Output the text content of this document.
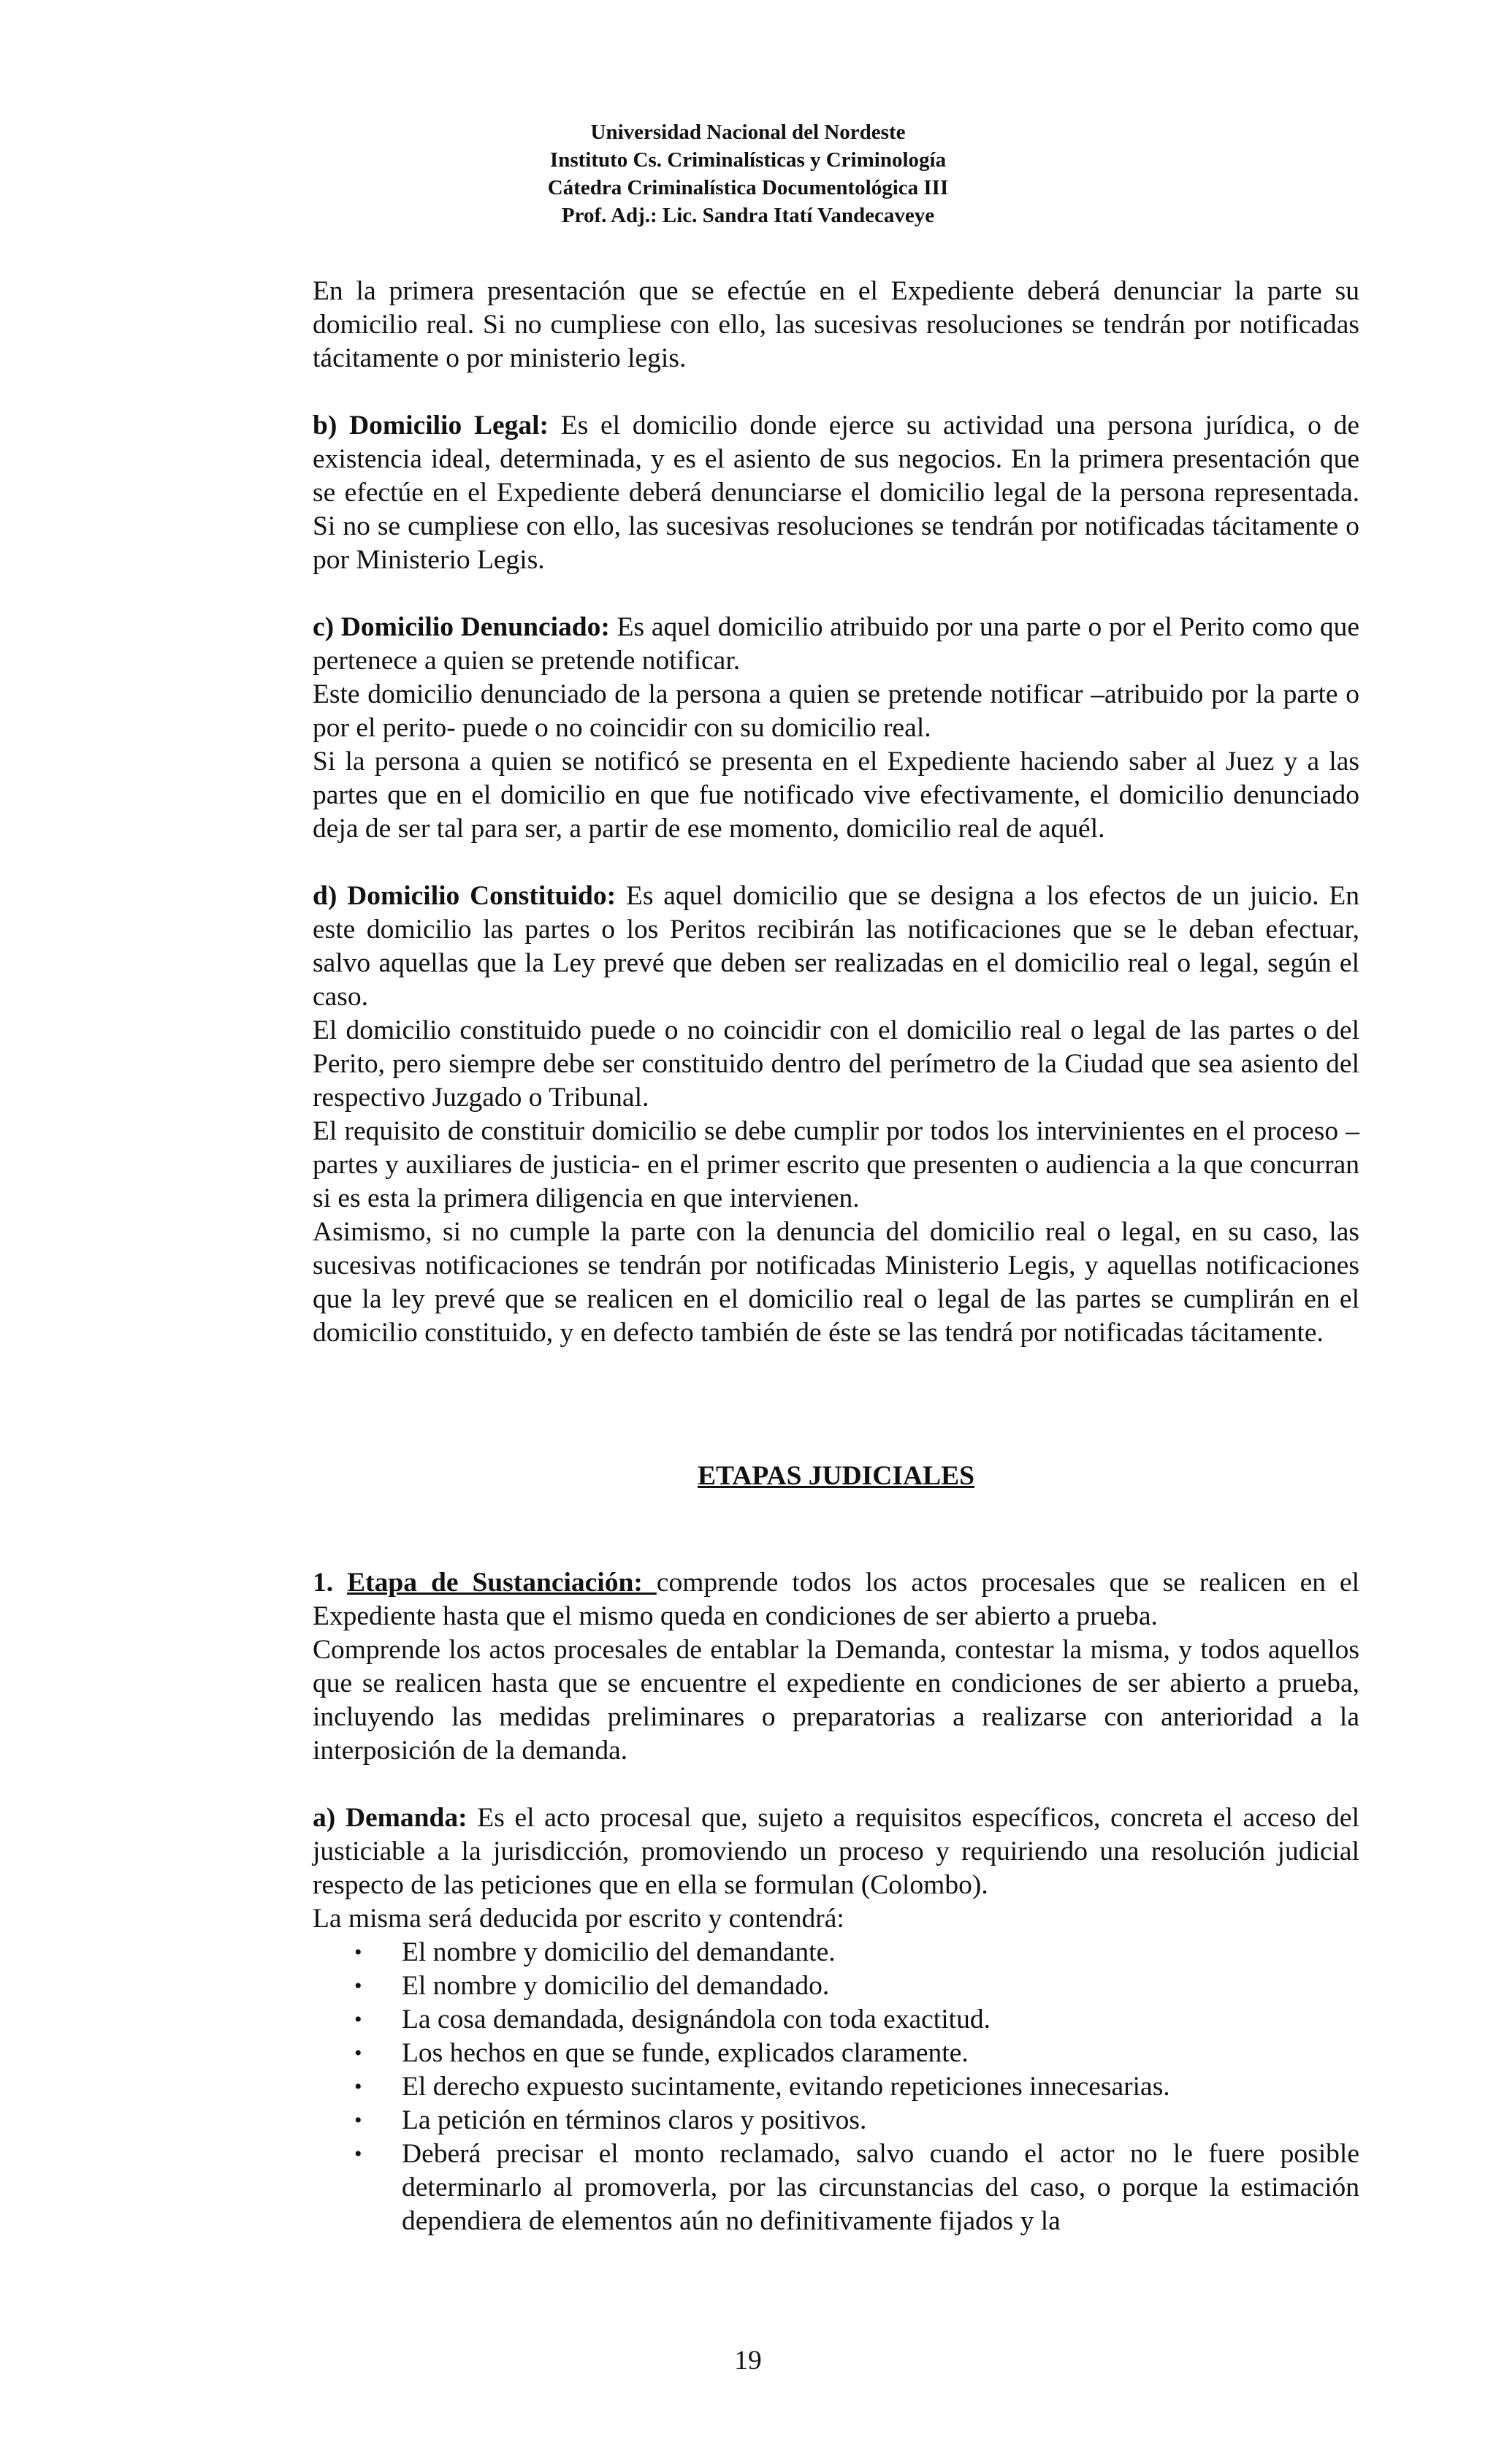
Universidad Nacional del Nordeste
Instituto Cs. Criminalísticas y Criminología
Cátedra Criminalística Documentológica III
Prof. Adj.: Lic. Sandra Itatí Vandecaveye

En la primera presentación que se efectúe en el Expediente deberá denunciar la parte su domicilio real. Si no cumpliese con ello, las sucesivas resoluciones se tendrán por notificadas tácitamente o por ministerio legis.

b) Domicilio Legal: Es el domicilio donde ejerce su actividad una persona jurídica, o de existencia ideal, determinada, y es el asiento de sus negocios. En la primera presentación que se efectúe en el Expediente deberá denunciarse el domicilio legal de la persona representada. Si no se cumpliese con ello, las sucesivas resoluciones se tendrán por notificadas tácitamente o por Ministerio Legis.

c) Domicilio Denunciado: Es aquel domicilio atribuido por una parte o por el Perito como que pertenece a quien se pretende notificar.

Este domicilio denunciado de la persona a quien se pretende notificar –atribuido por la parte o por el perito- puede o no coincidir con su domicilio real.

Si la persona a quien se notificó se presenta en el Expediente haciendo saber al Juez y a las partes que en el domicilio en que fue notificado vive efectivamente, el domicilio denunciado deja de ser tal para ser, a partir de ese momento, domicilio real de aquél.

d) Domicilio Constituido: Es aquel domicilio que se designa a los efectos de un juicio. En este domicilio las partes o los Peritos recibirán las notificaciones que se le deban efectuar, salvo aquellas que la Ley prevé que deben ser realizadas en el domicilio real o legal, según el caso.

El domicilio constituido puede o no coincidir con el domicilio real o legal de las partes o del Perito, pero siempre debe ser constituido dentro del perímetro de la Ciudad que sea asiento del respectivo Juzgado o Tribunal.

El requisito de constituir domicilio se debe cumplir por todos los intervinientes en el proceso –partes y auxiliares de justicia- en el primer escrito que presenten o audiencia a la que concurran si es esta la primera diligencia en que intervienen.

Asimismo, si no cumple la parte con la denuncia del domicilio real o legal, en su caso, las sucesivas notificaciones se tendrán por notificadas Ministerio Legis, y aquellas notificaciones que la ley prevé que se realicen en el domicilio real o legal de las partes se cumplirán en el domicilio constituido, y en defecto también de éste se las tendrá por notificadas tácitamente.

ETAPAS JUDICIALES

1. Etapa de Sustanciación: comprende todos los actos procesales que se realicen en el Expediente hasta que el mismo queda en condiciones de ser abierto a prueba.

Comprende los actos procesales de entablar la Demanda, contestar la misma, y todos aquellos que se realicen hasta que se encuentre el expediente en condiciones de ser abierto a prueba, incluyendo las medidas preliminares o preparatorias a realizarse con anterioridad a la interposición de la demanda.

a) Demanda: Es el acto procesal que, sujeto a requisitos específicos, concreta el acceso del justiciable a la jurisdicción, promoviendo un proceso y requiriendo una resolución judicial respecto de las peticiones que en ella se formulan (Colombo).

La misma será deducida por escrito y contendrá:

• El nombre y domicilio del demandante.
• El nombre y domicilio del demandado.
• La cosa demandada, designándola con toda exactitud.
• Los hechos en que se funde, explicados claramente.
• El derecho expuesto sucintamente, evitando repeticiones innecesarias.
• La petición en términos claros y positivos.
• Deberá precisar el monto reclamado, salvo cuando el actor no le fuere posible determinarlo al promoverla, por las circunstancias del caso, o porque la estimación dependiera de elementos aún no definitivamente fijados y la
19
